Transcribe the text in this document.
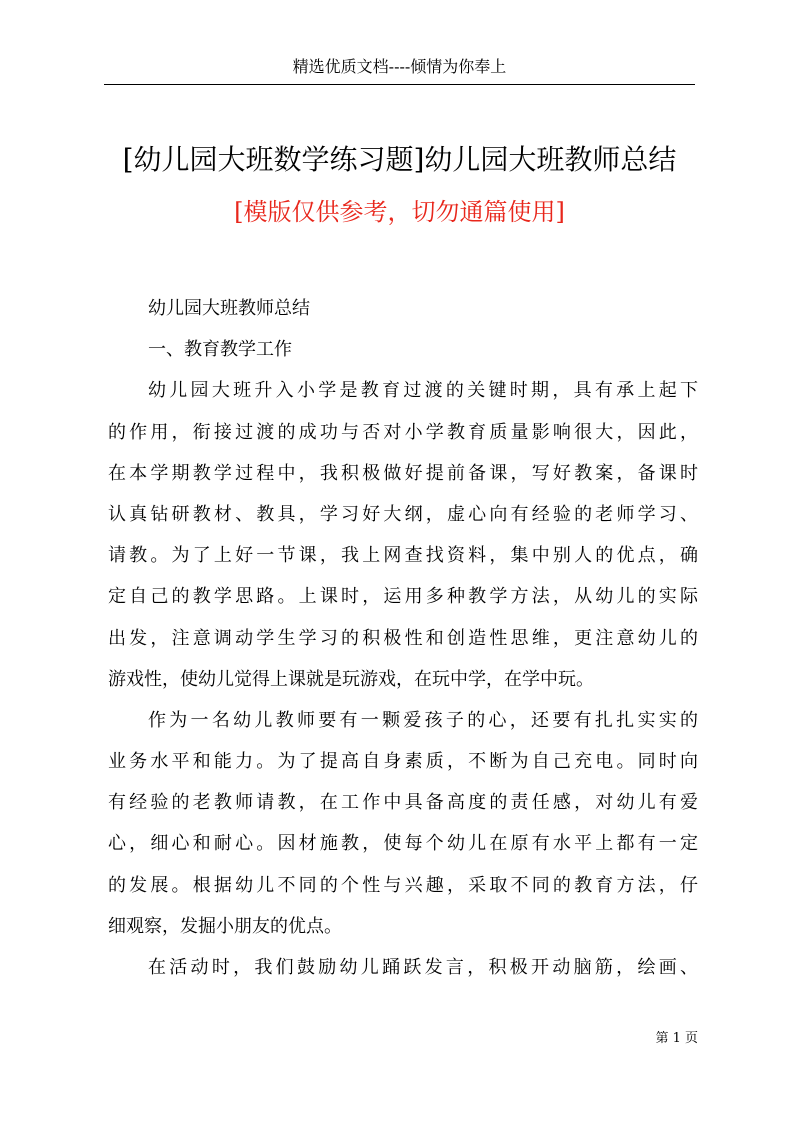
精选优质文档----倾情为你奉上
[幼儿园大班数学练习题]幼儿园大班教师总结
[模版仅供参考，切勿通篇使用]
幼儿园大班教师总结
一、教育教学工作
幼儿园大班升入小学是教育过渡的关键时期，具有承上起下
的作用，衔接过渡的成功与否对小学教育质量影响很大，因此，
在本学期教学过程中，我积极做好提前备课，写好教案，备课时
认真钻研教材、教具，学习好大纲，虚心向有经验的老师学习、
请教。为了上好一节课，我上网查找资料，集中别人的优点，确
定自己的教学思路。上课时，运用多种教学方法，从幼儿的实际
出发，注意调动学生学习的积极性和创造性思维，更注意幼儿的
游戏性，使幼儿觉得上课就是玩游戏，在玩中学，在学中玩。
作为一名幼儿教师要有一颗爱孩子的心，还要有扎扎实实的
业务水平和能力。为了提高自身素质，不断为自己充电。同时向
有经验的老教师请教，在工作中具备高度的责任感，对幼儿有爱
心，细心和耐心。因材施教，使每个幼儿在原有水平上都有一定
的发展。根据幼儿不同的个性与兴趣，采取不同的教育方法，仔
细观察，发掘小朋友的优点。
在活动时，我们鼓励幼儿踊跃发言，积极开动脑筋，绘画、
第 1 页
